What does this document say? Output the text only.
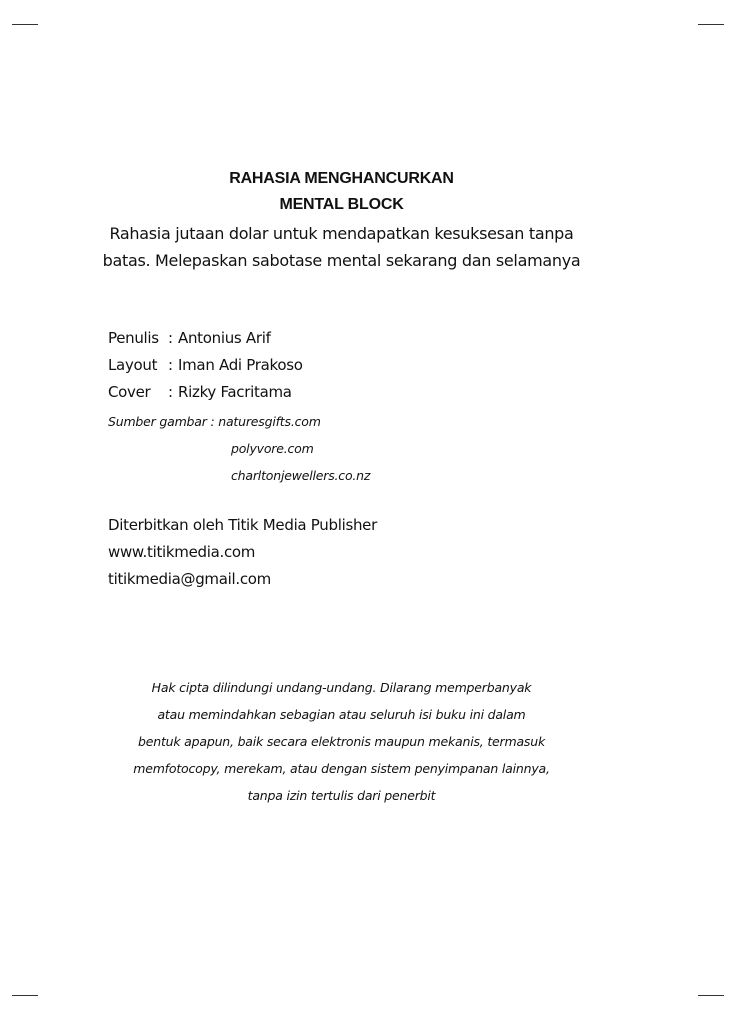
RAHASIA MENGHANCURKAN
MENTAL BLOCK
Rahasia jutaan dolar untuk mendapatkan kesuksesan tanpa batas. Melepaskan sabotase mental sekarang dan selamanya
Penulis : Antonius Arif
Layout : Iman Adi Prakoso
Cover : Rizky Facritama
Sumber gambar : naturesgifts.com
polyvore.com
charltonjewellers.co.nz
Diterbitkan oleh Titik Media Publisher
www.titikmedia.com
titikmedia@gmail.com
Hak cipta dilindungi undang-undang. Dilarang memperbanyak
atau memindahkan sebagian atau seluruh isi buku ini dalam
bentuk apapun, baik secara elektronis maupun mekanis, termasuk
memfotocopy, merekam, atau dengan sistem penyimpanan lainnya,
tanpa izin tertulis dari penerbit
